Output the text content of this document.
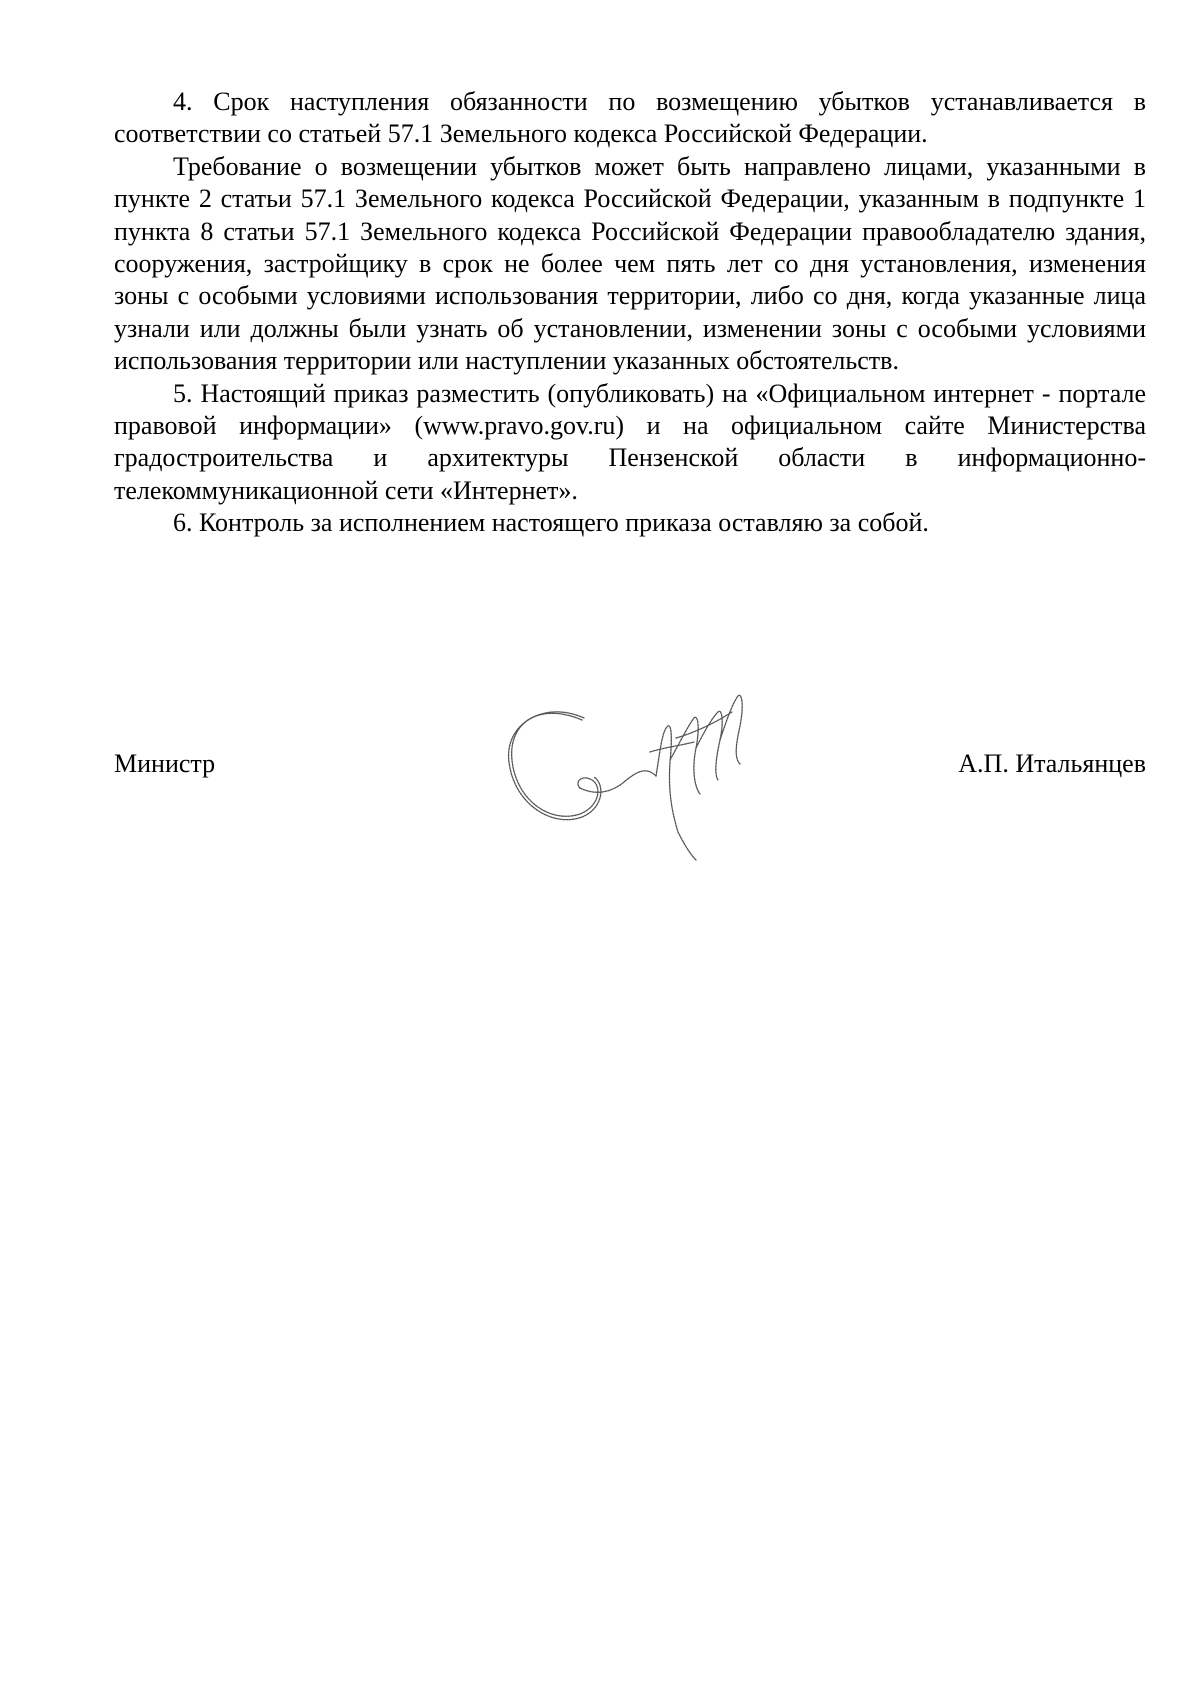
4. Срок наступления обязанности по возмещению убытков устанавливается в соответствии со статьей 57.1 Земельного кодекса Российской Федерации.

Требование о возмещении убытков может быть направлено лицами, указанными в пункте 2 статьи 57.1 Земельного кодекса Российской Федерации, указанным в подпункте 1 пункта 8 статьи 57.1 Земельного кодекса Российской Федерации правообладателю здания, сооружения, застройщику в срок не более чем пять лет со дня установления, изменения зоны с особыми условиями использования территории, либо со дня, когда указанные лица узнали или должны были узнать об установлении, изменении зоны с особыми условиями использования территории или наступлении указанных обстоятельств.

5. Настоящий приказ разместить (опубликовать) на «Официальном интернет - портале правовой информации» (www.pravo.gov.ru) и на официальном сайте Министерства градостроительства и архитектуры Пензенской области в информационно-телекоммуникационной сети «Интернет».

6. Контроль за исполнением настоящего приказа оставляю за собой.

Министр	А.П. Итальянцев
